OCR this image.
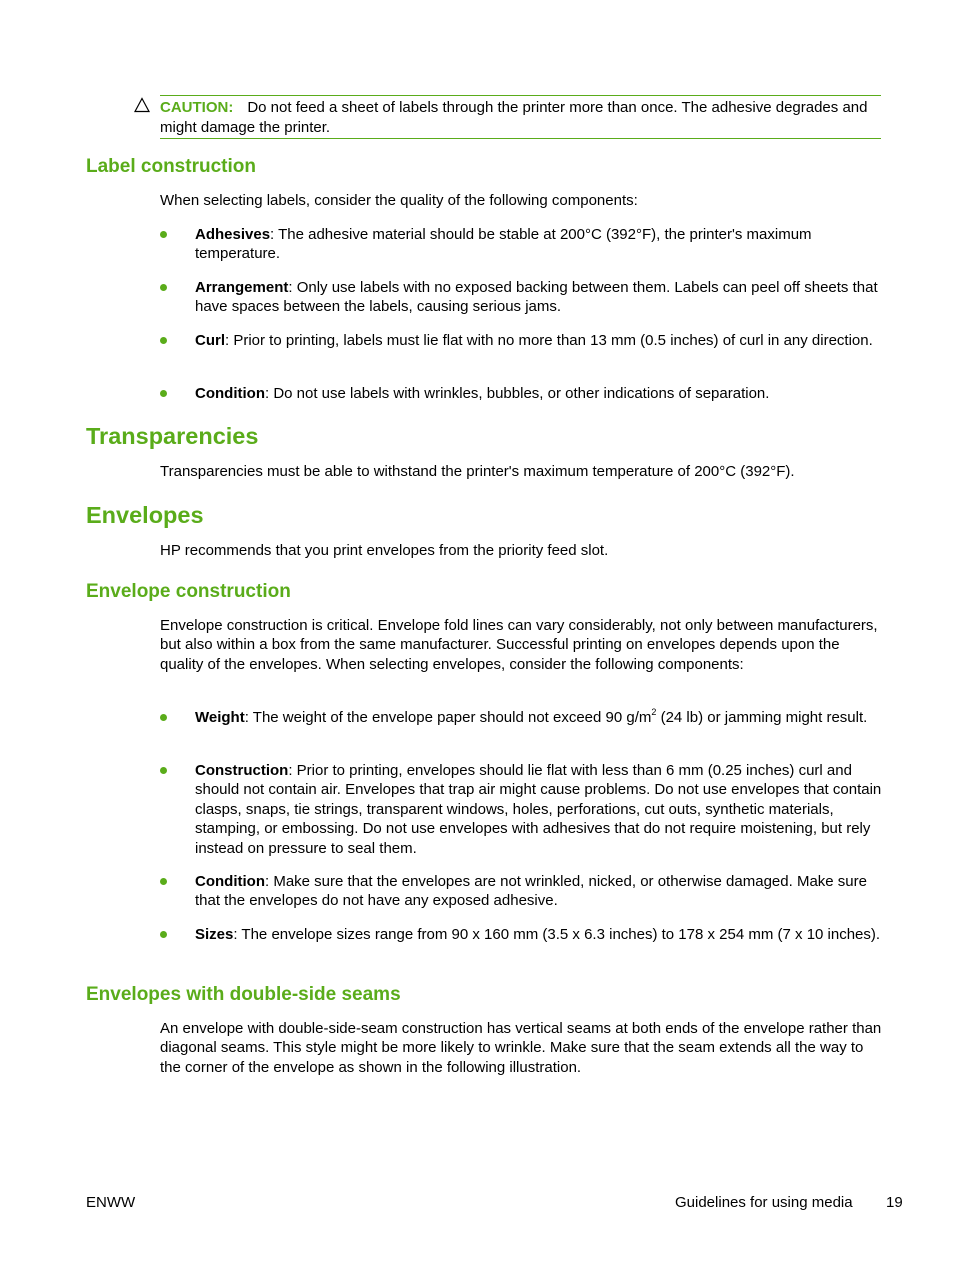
CAUTION: Do not feed a sheet of labels through the printer more than once. The adhesive degrades and might damage the printer.
Label construction

When selecting labels, consider the quality of the following components:

Adhesives: The adhesive material should be stable at 200°C (392°F), the printer's maximum temperature.
Arrangement: Only use labels with no exposed backing between them. Labels can peel off sheets that have spaces between the labels, causing serious jams.
Curl: Prior to printing, labels must lie flat with no more than 13 mm (0.5 inches) of curl in any direction.
Condition: Do not use labels with wrinkles, bubbles, or other indications of separation.
Transparencies

Transparencies must be able to withstand the printer's maximum temperature of 200°C (392°F).

Envelopes

HP recommends that you print envelopes from the priority feed slot.

Envelope construction

Envelope construction is critical. Envelope fold lines can vary considerably, not only between manufacturers, but also within a box from the same manufacturer. Successful printing on envelopes depends upon the quality of the envelopes. When selecting envelopes, consider the following components:

Weight: The weight of the envelope paper should not exceed 90 $g/m^2$ (24 lb) or jamming might result.
Construction: Prior to printing, envelopes should lie flat with less than 6 mm (0.25 inches) curl and should not contain air. Envelopes that trap air might cause problems. Do not use envelopes that contain clasps, snaps, tie strings, transparent windows, holes, perforations, cut outs, synthetic materials, stamping, or embossing. Do not use envelopes with adhesives that do not require moistening, but rely instead on pressure to seal them.
Condition: Make sure that the envelopes are not wrinkled, nicked, or otherwise damaged. Make sure that the envelopes do not have any exposed adhesive.
Sizes: The envelope sizes range from 90 x 160 mm (3.5 x 6.3 inches) to 178 x 254 mm (7 x 10 inches).
Envelopes with double-side seams

An envelope with double-side-seam construction has vertical seams at both ends of the envelope rather than diagonal seams. This style might be more likely to wrinkle. Make sure that the seam extends all the way to the corner of the envelope as shown in the following illustration.

ENWW	Guidelines for using media 19
